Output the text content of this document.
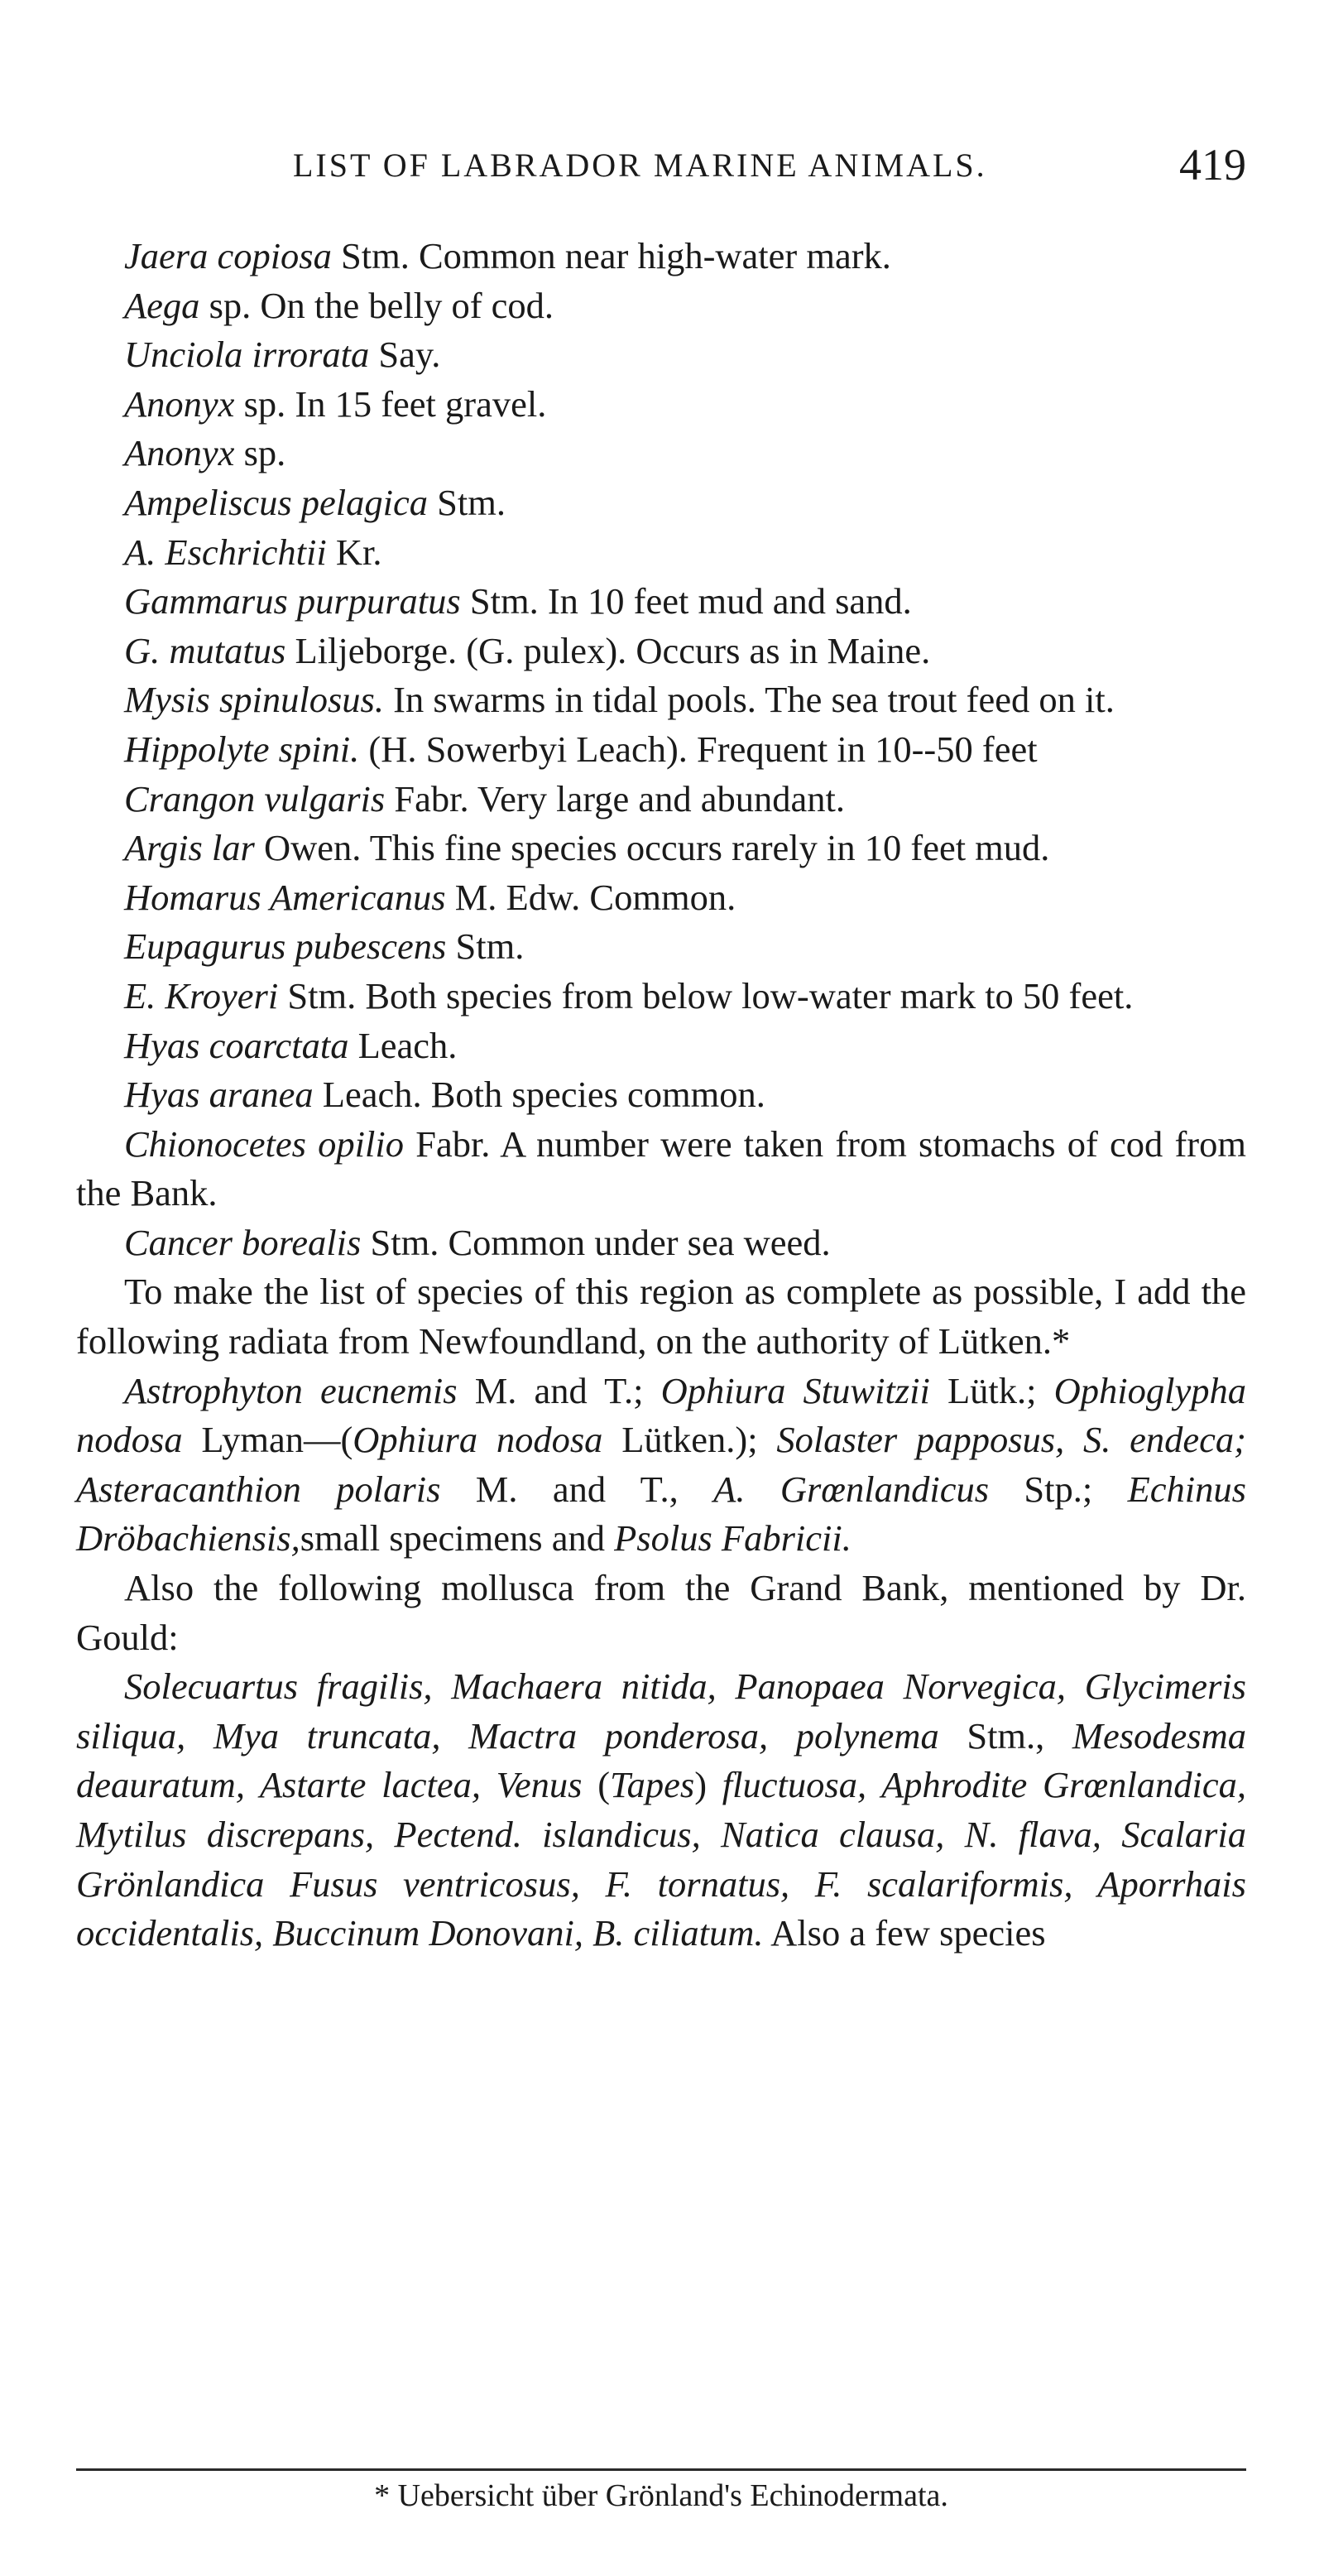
LIST OF LABRADOR MARINE ANIMALS.	419

Jaera copiosa Stm. Common near high-water mark.

Aega sp. On the belly of cod.

Unciola irrorata Say.

Anonyx sp. In 15 feet gravel.

Anonyx sp.

Ampeliscus pelagica Stm.

A. Eschrichtii Kr.

Gammarus purpuratus Stm. In 10 feet mud and sand.

G. mutatus Liljeborge. (G. pulex). Occurs as in Maine.

Mysis spinulosus. In swarms in tidal pools. The sea trout feed on it.

Hippolyte spini. (H. Sowerbyi Leach). Frequent in 10--50 feet

Crangon vulgaris Fabr. Very large and abundant.

Argis lar Owen. This fine species occurs rarely in 10 feet mud.

Homarus Americanus M. Edw. Common.

Eupagurus pubescens Stm.

E. Kroyeri Stm. Both species from below low-water mark to 50 feet.

Hyas coarctata Leach.

Hyas aranea Leach. Both species common.

Chionocetes opilio Fabr. A number were taken from stomachs of cod from the Bank.

Cancer borealis Stm. Common under sea weed.

To make the list of species of this region as complete as possible, I add the following radiata from Newfoundland, on the authority of Lütken.*

Astrophyton eucnemis M. and T.; Ophiura Stuwitzii Lütk.; Ophioglypha nodosa Lyman—(Ophiura nodosa Lütken.); Solaster papposus, S. endeca; Asteracanthion polaris M. and T., A. Grœnlandicus Stp.; Echinus Dröbachiensis,small specimens and Psolus Fabricii.

Also the following mollusca from the Grand Bank, mentioned by Dr. Gould:

Solecuartus fragilis, Machaera nitida, Panopaea Norvegica, Glycimeris siliqua, Mya truncata, Mactra ponderosa, polynema Stm., Mesodesma deauratum, Astarte lactea, Venus (Tapes) fluctuosa, Aphrodite Grœnlandica, Mytilus discrepans, Pectend. islandicus, Natica clausa, N. flava, Scalaria Grönlandica Fusus ventricosus, F. tornatus, F. scalariformis, Aporrhais occidentalis, Buccinum Donovani, B. ciliatum. Also a few species

* Uebersicht über Grönland's Echinodermata.
